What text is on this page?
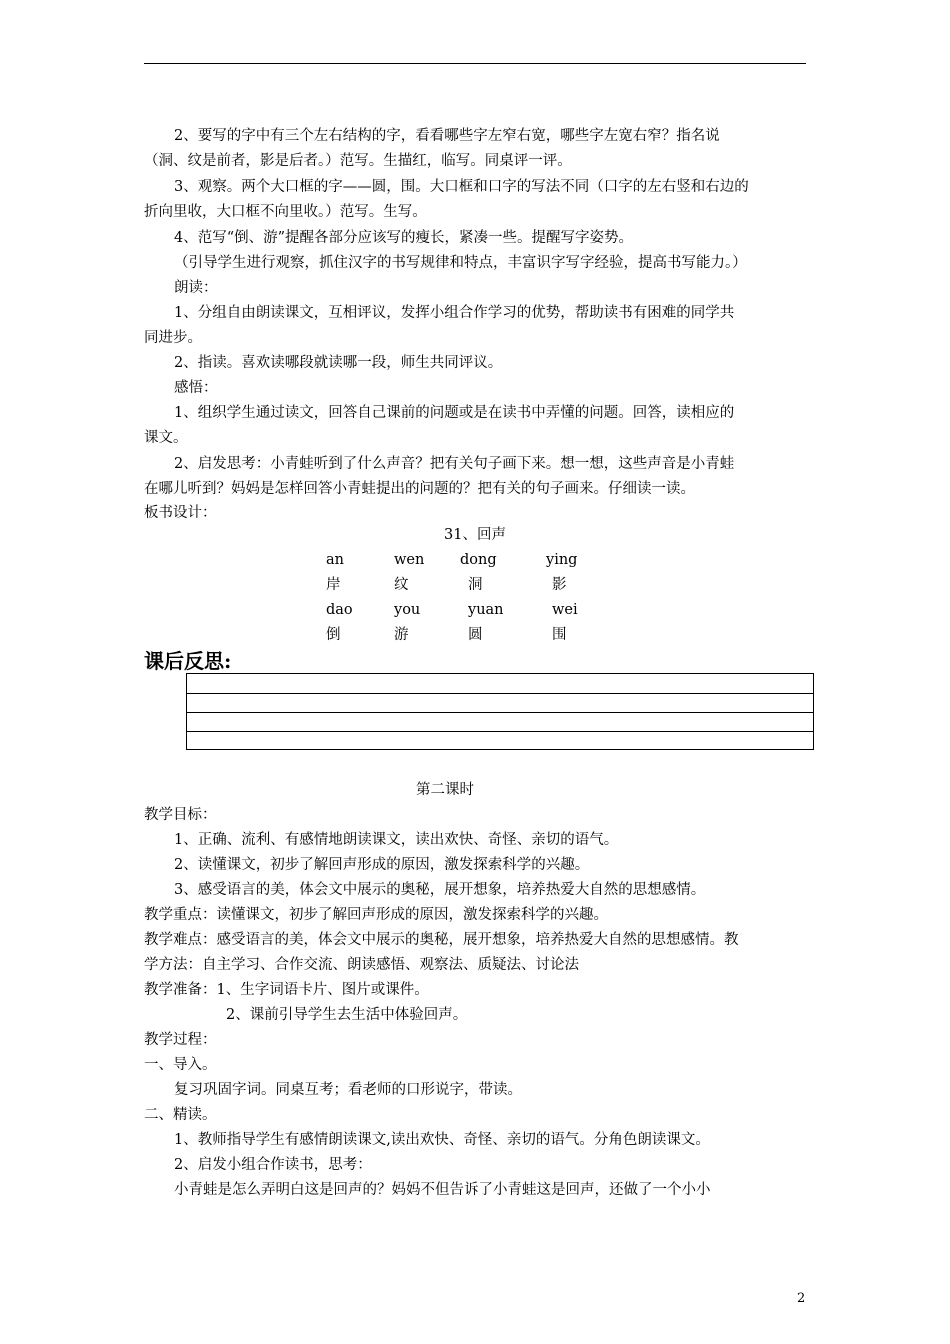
2、要写的字中有三个左右结构的字，看看哪些字左窄右宽，哪些字左宽右窄？指名说
（洞、纹是前者，影是后者。）范写。生描红，临写。同桌评一评。
3、观察。两个大口框的字——圆，围。大口框和口字的写法不同（口字的左右竖和右边的
折向里收，大口框不向里收。）范写。生写。
4、范写“倒、游”提醒各部分应该写的瘦长，紧凑一些。提醒写字姿势。
（引导学生进行观察，抓住汉字的书写规律和特点，丰富识字写字经验，提高书写能力。）
朗读：
1、分组自由朗读课文，互相评议，发挥小组合作学习的优势，帮助读书有困难的同学共
同进步。
2、指读。喜欢读哪段就读哪一段，师生共同评议。
感悟：
1、组织学生通过读文，回答自己课前的问题或是在读书中弄懂的问题。回答，读相应的
课文。
2、启发思考：小青蛙听到了什么声音？把有关句子画下来。想一想，这些声音是小青蛙
在哪儿听到？妈妈是怎样回答小青蛙提出的问题的？把有关的句子画来。仔细读一读。
板书设计：
31、回声
an	wen	dong	ying
岸	纹	洞	影
dao	you	yuan	wei
倒	游	圆	围
课后反思:
第二课时
教学目标：
1、正确、流利、有感情地朗读课文，读出欢快、奇怪、亲切的语气。
2、读懂课文，初步了解回声形成的原因，激发探索科学的兴趣。
3、感受语言的美，体会文中展示的奥秘，展开想象，培养热爱大自然的思想感情。
教学重点：读懂课文，初步了解回声形成的原因，激发探索科学的兴趣。
教学难点：感受语言的美，体会文中展示的奥秘，展开想象，培养热爱大自然的思想感情。教
学方法：自主学习、合作交流、朗读感悟、观察法、质疑法、讨论法
教学准备：1、生字词语卡片、图片或课件。
2、课前引导学生去生活中体验回声。
教学过程：
一、导入。
复习巩固字词。同桌互考；看老师的口形说字，带读。
二、精读。
1、教师指导学生有感情朗读课文,读出欢快、奇怪、亲切的语气。分角色朗读课文。
2、启发小组合作读书，思考：
小青蛙是怎么弄明白这是回声的？妈妈不但告诉了小青蛙这是回声，还做了一个小小
2
